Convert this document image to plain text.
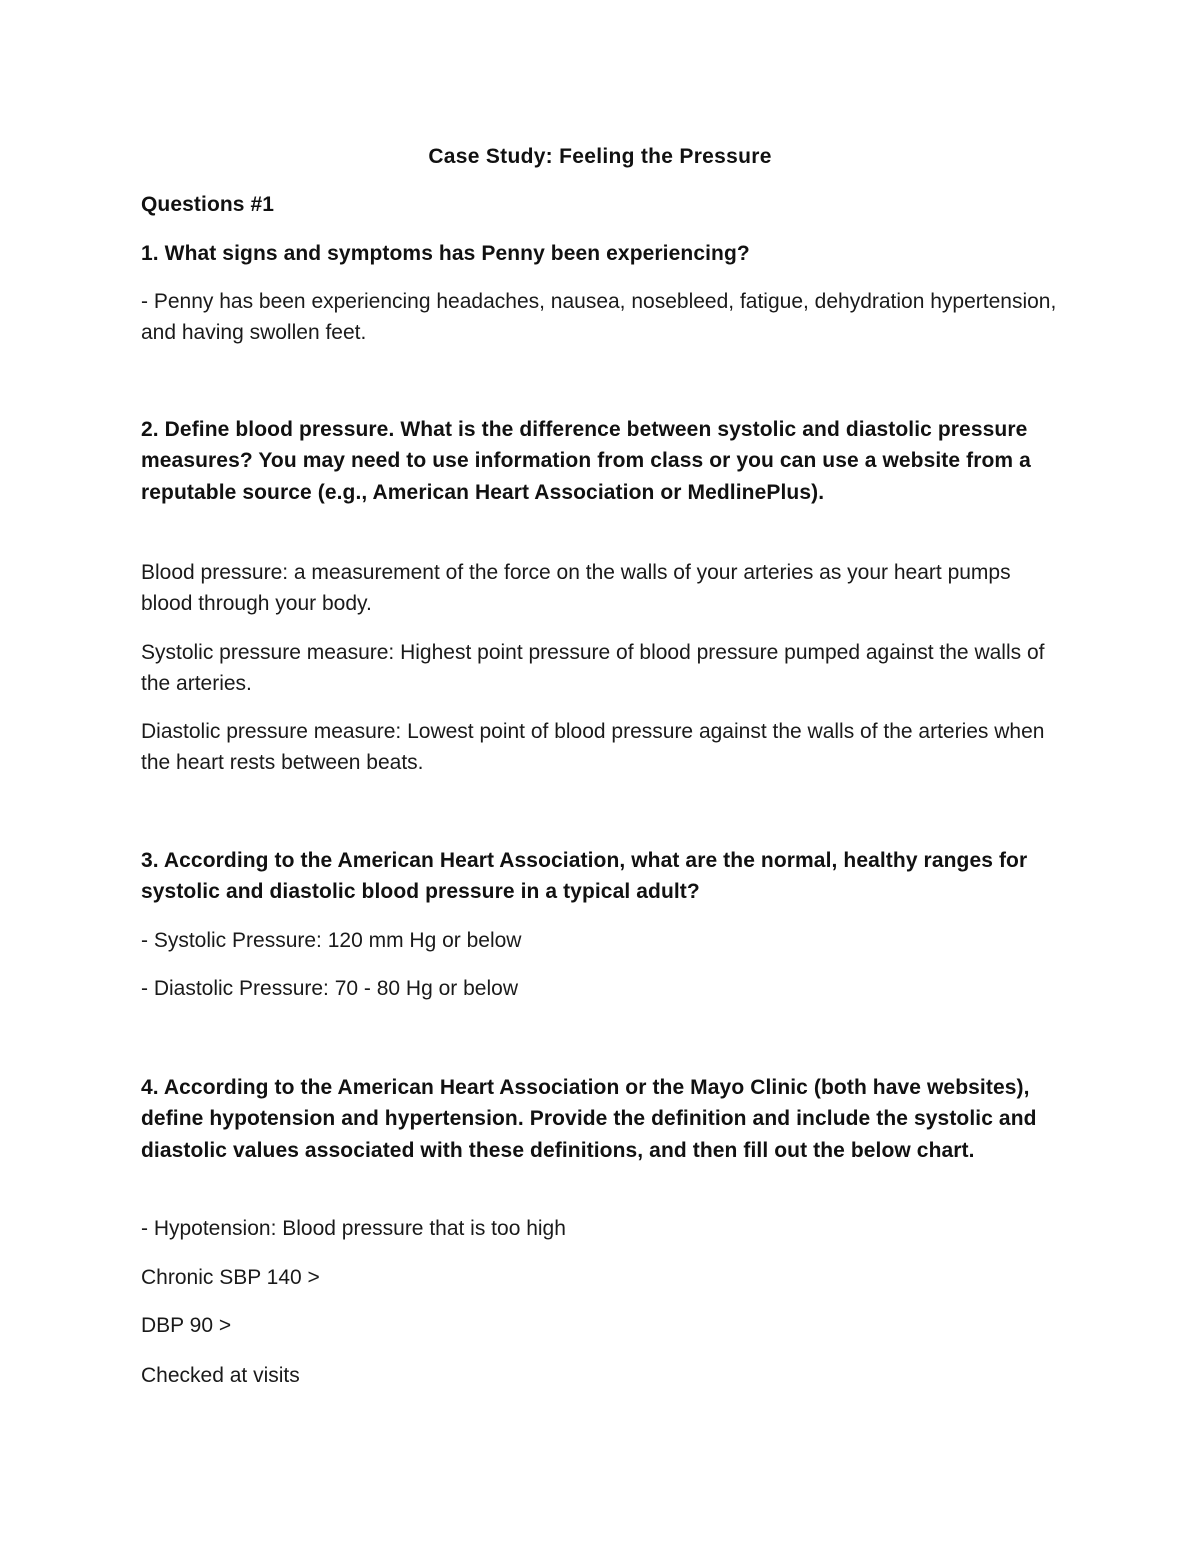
Case Study: Feeling the Pressure

Questions #1

1. What signs and symptoms has Penny been experiencing?

- Penny has been experiencing headaches, nausea, nosebleed, fatigue, dehydration hypertension, and having swollen feet.

2. Define blood pressure. What is the difference between systolic and diastolic pressure measures? You may need to use information from class or you can use a website from a reputable source (e.g., American Heart Association or MedlinePlus).

Blood pressure: a measurement of the force on the walls of your arteries as your heart pumps blood through your body.

Systolic pressure measure: Highest point pressure of blood pressure pumped against the walls of the arteries.

Diastolic pressure measure: Lowest point of blood pressure against the walls of the arteries when the heart rests between beats.

3. According to the American Heart Association, what are the normal, healthy ranges for systolic and diastolic blood pressure in a typical adult?

- Systolic Pressure: 120 mm Hg or below

- Diastolic Pressure: 70 - 80 Hg or below

4. According to the American Heart Association or the Mayo Clinic (both have websites), define hypotension and hypertension. Provide the definition and include the systolic and diastolic values associated with these definitions, and then fill out the below chart.

- Hypotension: Blood pressure that is too high

Chronic SBP 140 >

DBP 90 >

Checked at visits
